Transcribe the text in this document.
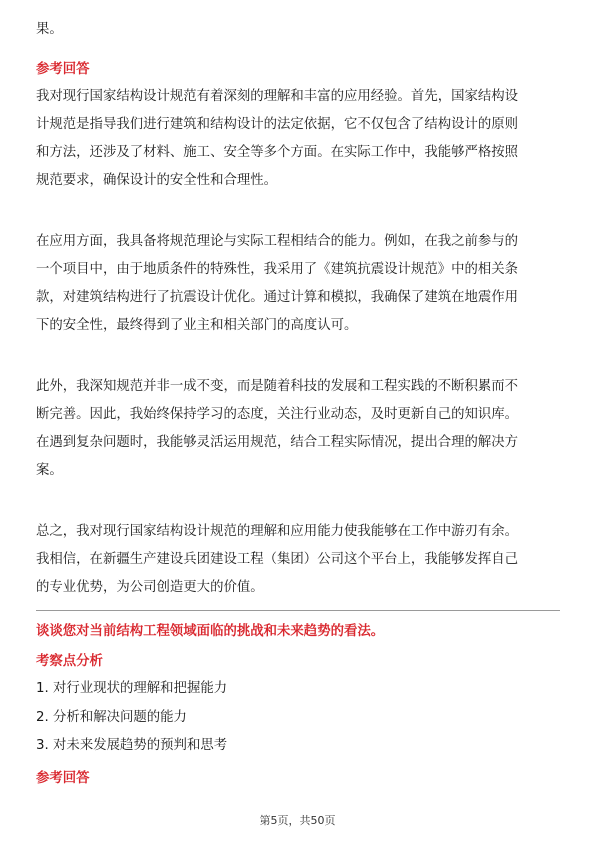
果。
参考回答
我对现行国家结构设计规范有着深刻的理解和丰富的应用经验。首先，国家结构设
计规范是指导我们进行建筑和结构设计的法定依据，它不仅包含了结构设计的原则
和方法，还涉及了材料、施工、安全等多个方面。在实际工作中，我能够严格按照
规范要求，确保设计的安全性和合理性。
在应用方面，我具备将规范理论与实际工程相结合的能力。例如，在我之前参与的
一个项目中，由于地质条件的特殊性，我采用了《建筑抗震设计规范》中的相关条
款，对建筑结构进行了抗震设计优化。通过计算和模拟，我确保了建筑在地震作用
下的安全性，最终得到了业主和相关部门的高度认可。
此外，我深知规范并非一成不变，而是随着科技的发展和工程实践的不断积累而不
断完善。因此，我始终保持学习的态度，关注行业动态，及时更新自己的知识库。
在遇到复杂问题时，我能够灵活运用规范，结合工程实际情况，提出合理的解决方
案。
总之，我对现行国家结构设计规范的理解和应用能力使我能够在工作中游刃有余。
我相信，在新疆生产建设兵团建设工程（集团）公司这个平台上，我能够发挥自己
的专业优势，为公司创造更大的价值。
谈谈您对当前结构工程领域面临的挑战和未来趋势的看法。
考察点分析
1. 对行业现状的理解和把握能力
2. 分析和解决问题的能力
3. 对未来发展趋势的预判和思考
参考回答
第5页，共50页
